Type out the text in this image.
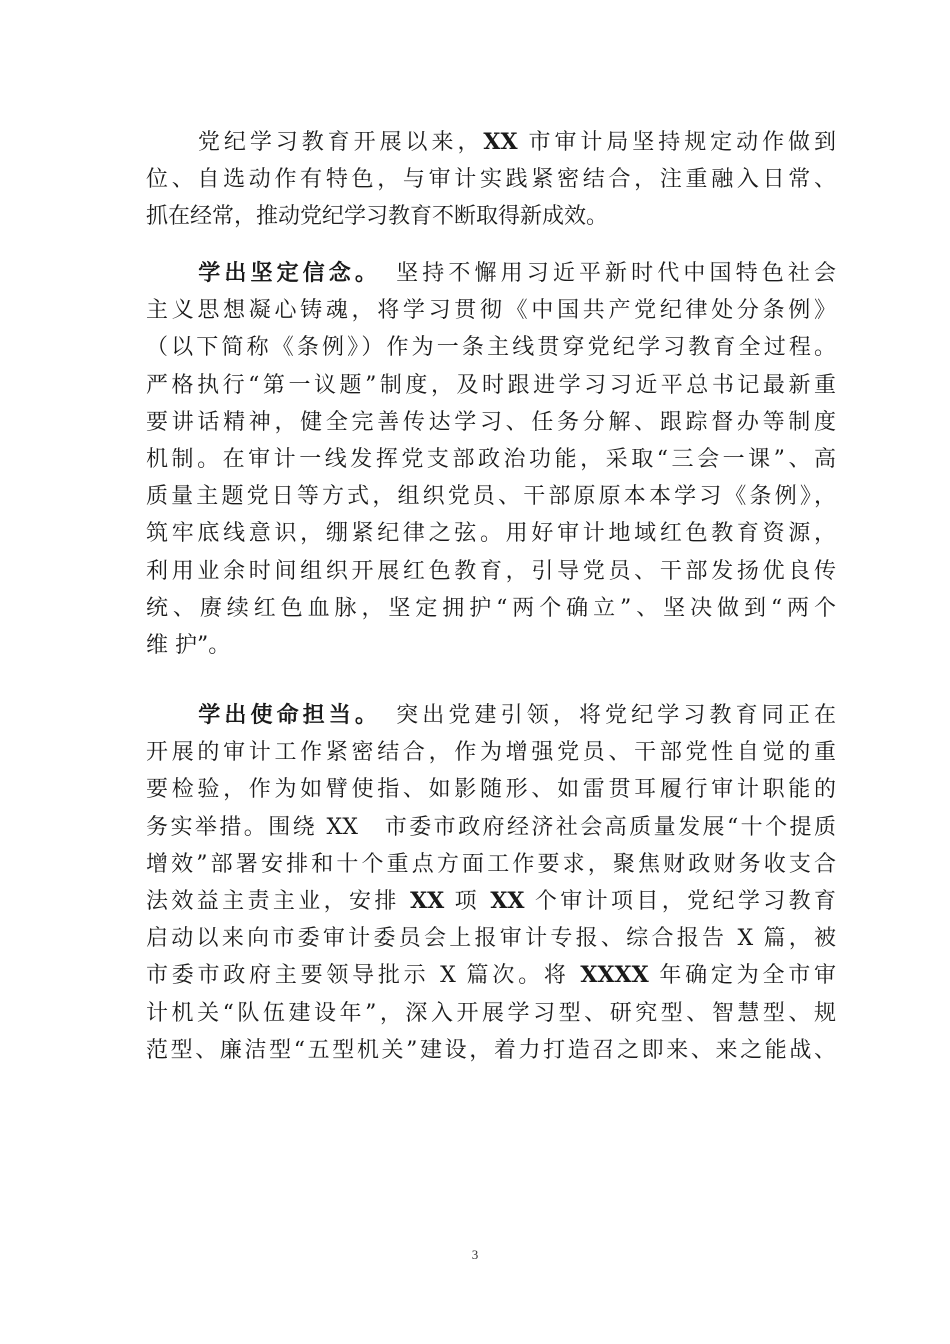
　　党纪学习教育开展以来，XX 市审计局坚持规定动作做到
位、自选动作有特色，与审计实践紧密结合，注重融入日常、
抓在经常，推动党纪学习教育不断取得新成效。
　　学出坚定信念。　 坚持不懈用习近平新时代中国特色社会
主义思想凝心铸魂，将学习贯彻《中国共产党纪律处分条例》
（以下简称《条例》）作为一条主线贯穿党纪学习教育全过程。
严格执行“第一议题”制度，及时跟进学习习近平总书记最新重
要讲话精神，健全完善传达学习、任务分解、跟踪督办等制度
机制。在审计一线发挥党支部政治功能，采取“三会一课”、高
质量主题党日等方式，组织党员、干部原原本本学习《条例》，
筑牢底线意识，绷紧纪律之弦。用好审计地域红色教育资源，
利用业余时间组织开展红色教育，引导党员、干部发扬优良传
统、赓续红色血脉，坚定拥护“两个确立”、坚决做到“两个
维 护”。
　　学出使命担当。　 突出党建引领，将党纪学习教育同正在
开展的审计工作紧密结合，作为增强党员、干部党性自觉的重
要检验，作为如臂使指、如影随形、如雷贯耳履行审计职能的
务实举措。围绕 XX　市委市政府经济社会高质量发展“十个提质
增效”部署安排和十个重点方面工作要求，聚焦财政财务收支合
法效益主责主业，安排 XX 项 XX 个审计项目，党纪学习教育
启动以来向市委审计委员会上报审计专报、综合报告 X 篇，被
市委市政府主要领导批示 X 篇次。将 XXXX 年确定为全市审
计机关“队伍建设年”，深入开展学习型、研究型、智慧型、规
范型、廉洁型“五型机关”建设，着力打造召之即来、来之能战、
3
